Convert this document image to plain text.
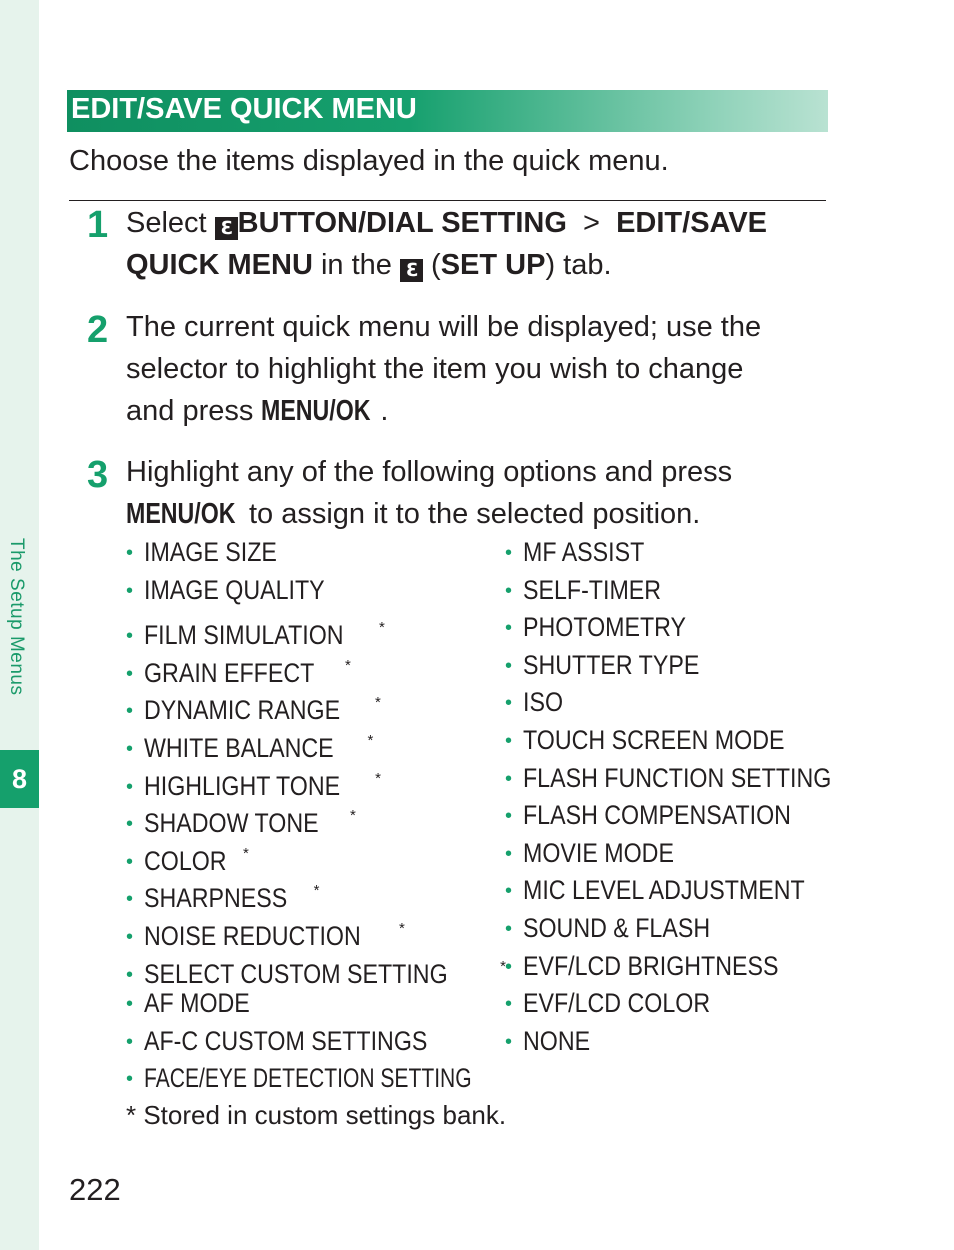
The Setup Menus
8
EDIT/SAVE QUICK MENU
Choose the items displayed in the quick menu.
1 Select ℇ BUTTON/DIAL SETTING > EDIT/SAVE
QUICK MENU in the ℇ (SET UP) tab.
2 The current quick menu will be displayed; use the
selector to highlight the item you wish to change
and press MENU/OK .
3 Highlight any of the following options and press
MENU/OK to assign it to the selected position.
• IMAGE SIZE
• IMAGE QUALITY
• FILM SIMULATION *
• GRAIN EFFECT *
• DYNAMIC RANGE *
• WHITE BALANCE *
• HIGHLIGHT TONE *
• SHADOW TONE *
• COLOR *
• SHARPNESS *
• NOISE REDUCTION	*
• SELECT CUSTOM SETTING	*
• AF MODE
• AF-C CUSTOM SETTINGS
• FACE/EYE DETECTION SETTING
• MF ASSIST
• SELF-TIMER
• PHOTOMETRY
• SHUTTER TYPE
• ISO
• TOUCH SCREEN MODE
• FLASH FUNCTION SETTING
• FLASH COMPENSATION
• MOVIE MODE
• MIC LEVEL ADJUSTMENT
• SOUND & FLASH
• EVF/LCD BRIGHTNESS
• EVF/LCD COLOR
• NONE
* Stored in custom settings bank.
222
